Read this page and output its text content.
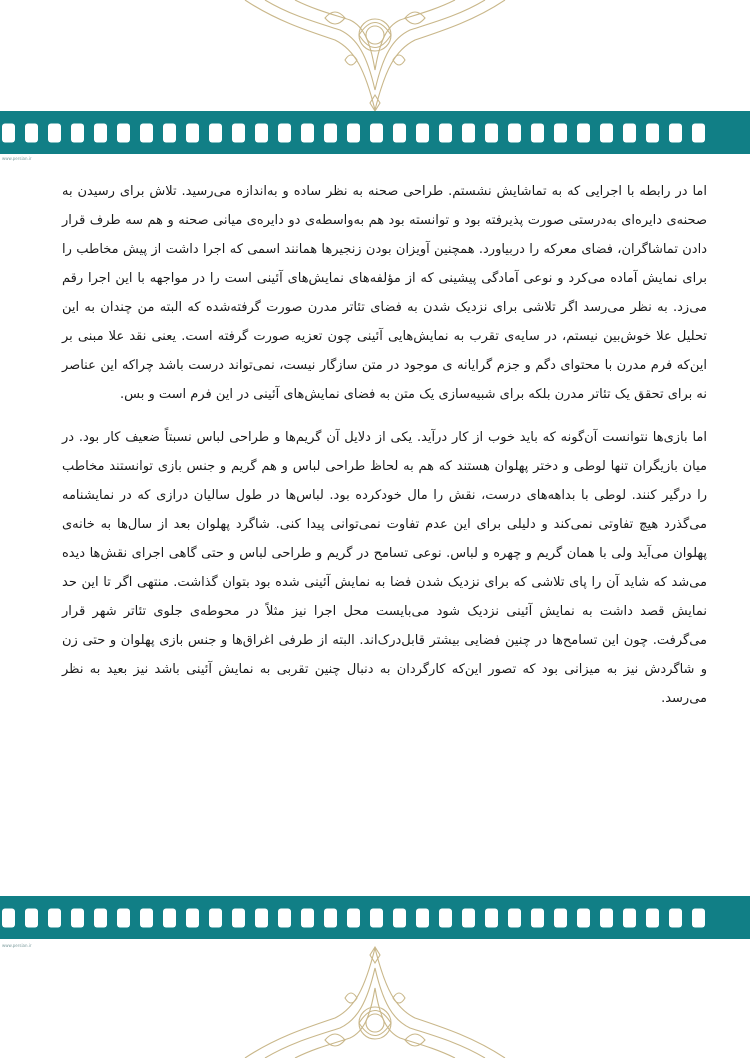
www.persian.ir

اما در رابطه با اجرایی که به تماشایش نشستم. طراحی صحنه به نظر ساده و به‌اندازه می‌رسید. تلاش برای رسیدن به صحنه‌ی دایره‌ای به‌درستی صورت پذیرفته بود و توانسته بود هم به‌واسطه‌ی دو دایره‌ی میانی صحنه و هم سه طرف قرار دادن تماشاگران، فضای معرکه را دربیاورد. همچنین آویزان بودن زنجیرها همانند اسمی که اجرا داشت از پیش مخاطب را برای نمایش آماده می‌کرد و نوعی آمادگی پیشینی که از مؤلفه‌های نمایش‌های آئینی است را در مواجهه با این اجرا رقم می‌زد. به نظر می‌رسد اگر تلاشی برای نزدیک شدن به فضای تئاتر مدرن صورت گرفته‌شده که البته من چندان به این تحلیل علا خوش‌بین نیستم، در سایه‌ی تقرب به نمایش‌هایی آئینی چون تعزیه صورت گرفته است. یعنی نقد علا مبنی بر این‌که فرم مدرن با محتوای دگم و جزم گرایانه ی موجود در متن سازگار نیست، نمی‌تواند درست باشد چراکه این عناصر نه برای تحقق یک تئاتر مدرن بلکه برای شبیه‌سازی یک متن به فضای نمایش‌های آئینی در این فرم است و بس.

اما بازی‌ها نتوانست آن‌گونه که باید خوب از کار درآید. یکی از دلایل آن گریم‌ها و طراحی لباس نسبتاً ضعیف کار بود. در میان بازیگران تنها لوطی و دختر پهلوان هستند که هم به لحاظ طراحی لباس و هم گریم و جنس بازی توانستند مخاطب را درگیر کنند. لوطی با بداهه‌های درست، نقش را مال خودکرده بود. لباس‌ها در طول سالیان درازی که در نمایشنامه می‌گذرد هیچ تفاوتی نمی‌کند و دلیلی برای این عدم تفاوت نمی‌توانی پیدا کنی. شاگرد پهلوان بعد از سال‌ها به خانه‌ی پهلوان می‌آید ولی با همان گریم و چهره و لباس. نوعی تسامح در گریم و طراحی لباس و حتی گاهی اجرای نقش‌ها دیده می‌شد که شاید آن را پای تلاشی که برای نزدیک شدن فضا به نمایش آئینی شده بود بتوان گذاشت. منتهی اگر تا این حد نمایش قصد داشت به نمایش آئینی نزدیک شود می‌بایست محل اجرا نیز مثلاً در محوطه‌ی جلوی تئاتر شهر قرار می‌گرفت. چون این تسامح‌ها در چنین فضایی بیشتر قابل‌درک‌اند. البته از طرفی اغراق‌ها و جنس بازی پهلوان و حتی زن و شاگردش نیز به میزانی بود که تصور این‌که کارگردان به دنبال چنین تقربی به نمایش آئینی باشد نیز بعید به نظر می‌رسد.

www.persian.ir
